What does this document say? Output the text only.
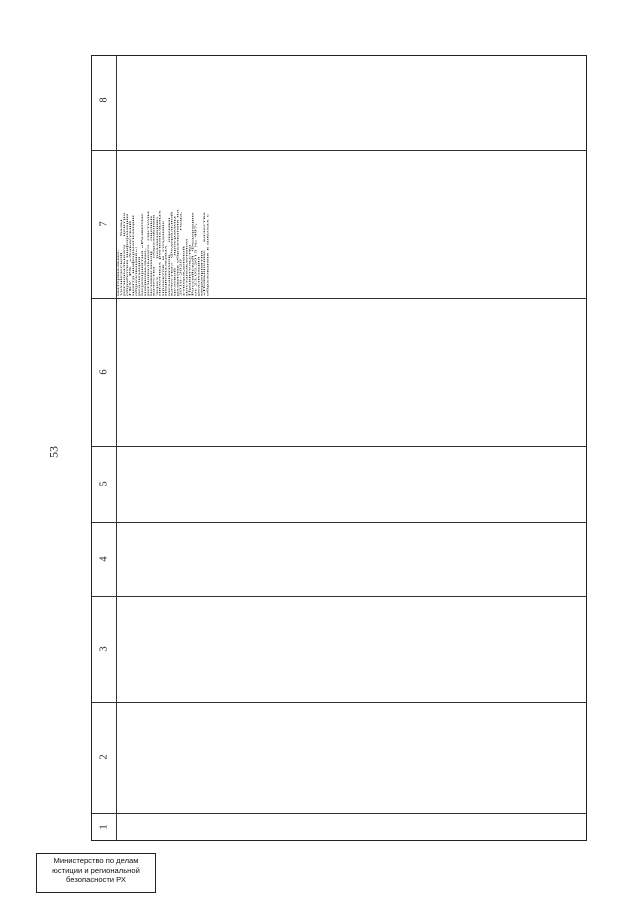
53
8
7
6
5
4
3
2
1
материально- технической        базы регионального    центра обработки информации ГКУ  РХ  «Хакасский центр информатизации образования»; реализация мероприятия «Развитие национально- регионального  системы независимой     оценки качества    образования через         реализацию пилотных региональных проектов  и  создание национальных механизмов      оценки качества»  Федеральной целевой      программы развития образования на 2016–2020              годы, утвержденной постановлением Правительства Российской  Федерации от 23.05.2015 № 497; реализация мероприятия «Повышение    качества образования в школах с
Министерство по делам
юстиции и региональной
безопасности РХ
